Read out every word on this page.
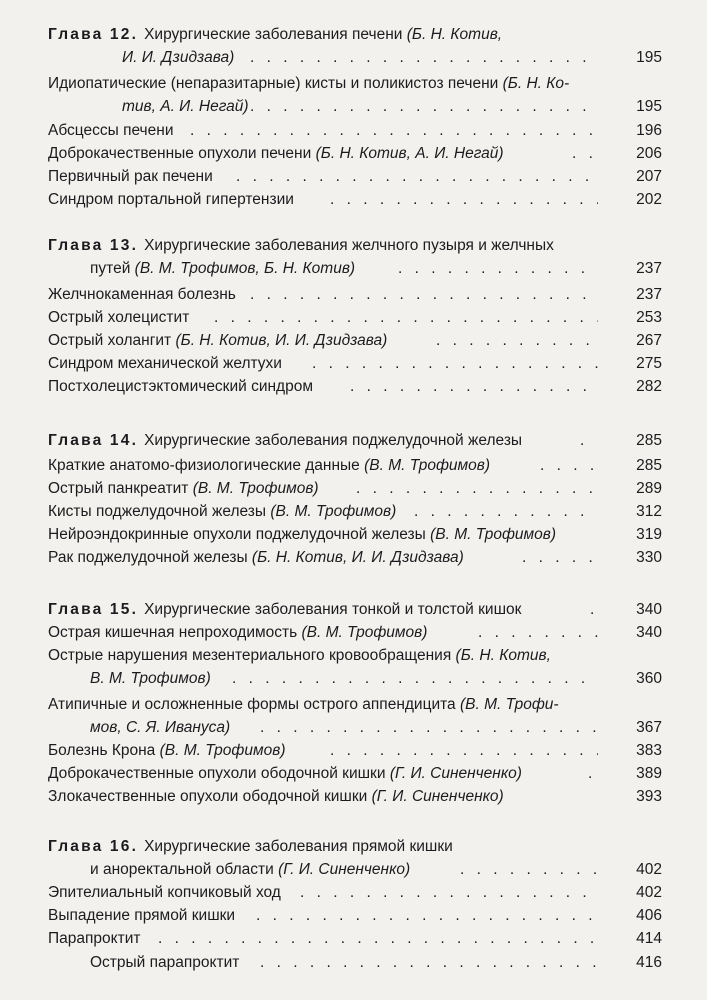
Глава 12. Хирургические заболевания печени (Б. Н. Котив,
И. И. Дзидзава) . . .	195
Идиопатические (непаразитарные) кисты и поликистоз печени (Б. Н. Ко-
тив, А. И. Негай) . . .	195
Абсцессы печени . . .	196
Доброкачественные опухоли печени (Б. Н. Котив, А. И. Негай) . . .	206
Первичный рак печени . . .	207
Синдром портальной гипертензии . . .	202
Глава 13. Хирургические заболевания желчного пузыря и желчных
путей (В. М. Трофимов, Б. Н. Котив) . . .	237
Желчнокаменная болезнь . . .	237
Острый холецистит . . .	253
Острый холангит (Б. Н. Котив, И. И. Дзидзава) . . .	267
Синдром механической желтухи . . .	275
Постхолецистэктомический синдром . . .	282
Глава 14. Хирургические заболевания поджелудочной железы . . .	285
Краткие анатомо-физиологические данные (В. М. Трофимов) . . .	285
Острый панкреатит (В. М. Трофимов) . . .	289
Кисты поджелудочной железы (В. М. Трофимов) . . .	312
Нейроэндокринные опухоли поджелудочной железы (В. М. Трофимов)	319
Рак поджелудочной железы (Б. Н. Котив, И. И. Дзидзава) . . .	330
Глава 15. Хирургические заболевания тонкой и толстой кишок . . .	340
Острая кишечная непроходимость (В. М. Трофимов) . . .	340
Острые нарушения мезентериального кровообращения (Б. Н. Котив,
В. М. Трофимов) . . .	360
Атипичные и осложненные формы острого аппендицита (В. М. Трофи-
мов, С. Я. Ивануса) . . .	367
Болезнь Крона (В. М. Трофимов) . . .	383
Доброкачественные опухоли ободочной кишки (Г. И. Синенченко) . . .	389
Злокачественные опухоли ободочной кишки (Г. И. Синенченко)	393
Глава 16. Хирургические заболевания прямой кишки
и аноректальной области (Г. И. Синенченко) . . .	402
Эпителиальный копчиковый ход . . .	402
Выпадение прямой кишки . . .	406
Парапроктит . . .	414
Острый парапроктит . . .	416
